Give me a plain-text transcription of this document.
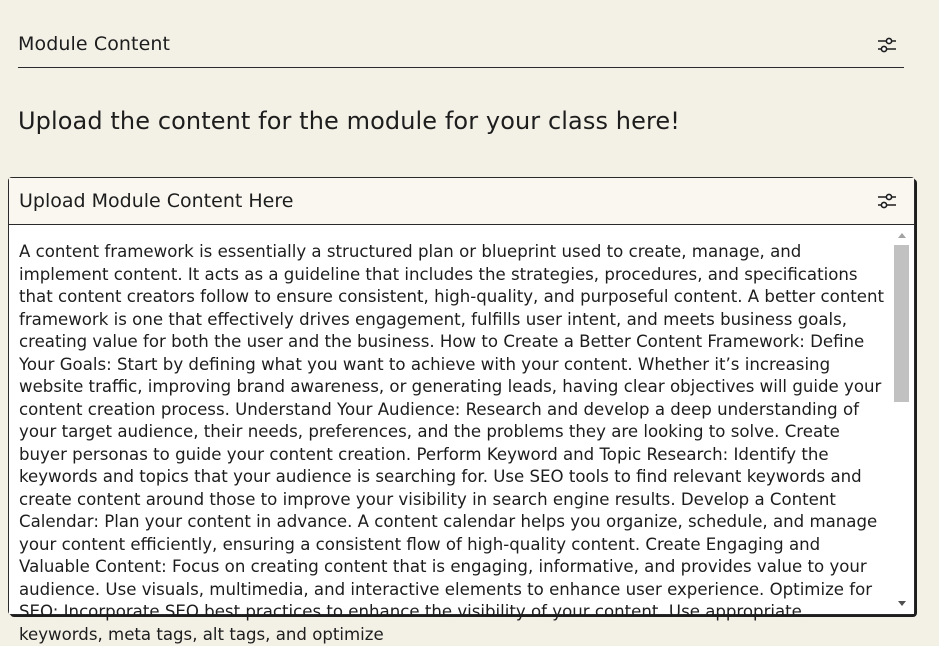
Module Content
Upload the content for the module for your class here!
Upload Module Content Here
A content framework is essentially a structured plan or blueprint used to create, manage, and implement content. It acts as a guideline that includes the strategies, procedures, and specifications that content creators follow to ensure consistent, high-quality, and purposeful content. A better content framework is one that effectively drives engagement, fulfills user intent, and meets business goals, creating value for both the user and the business. How to Create a Better Content Framework: Define Your Goals: Start by defining what you want to achieve with your content. Whether it’s increasing website traffic, improving brand awareness, or generating leads, having clear objectives will guide your content creation process. Understand Your Audience: Research and develop a deep understanding of your target audience, their needs, preferences, and the problems they are looking to solve. Create buyer personas to guide your content creation. Perform Keyword and Topic Research: Identify the keywords and topics that your audience is searching for. Use SEO tools to find relevant keywords and create content around those to improve your visibility in search engine results. Develop a Content Calendar: Plan your content in advance. A content calendar helps you organize, schedule, and manage your content efficiently, ensuring a consistent flow of high-quality content. Create Engaging and Valuable Content: Focus on creating content that is engaging, informative, and provides value to your audience. Use visuals, multimedia, and interactive elements to enhance user experience. Optimize for SEO: Incorporate SEO best practices to enhance the visibility of your content. Use appropriate keywords, meta tags, alt tags, and optimize
